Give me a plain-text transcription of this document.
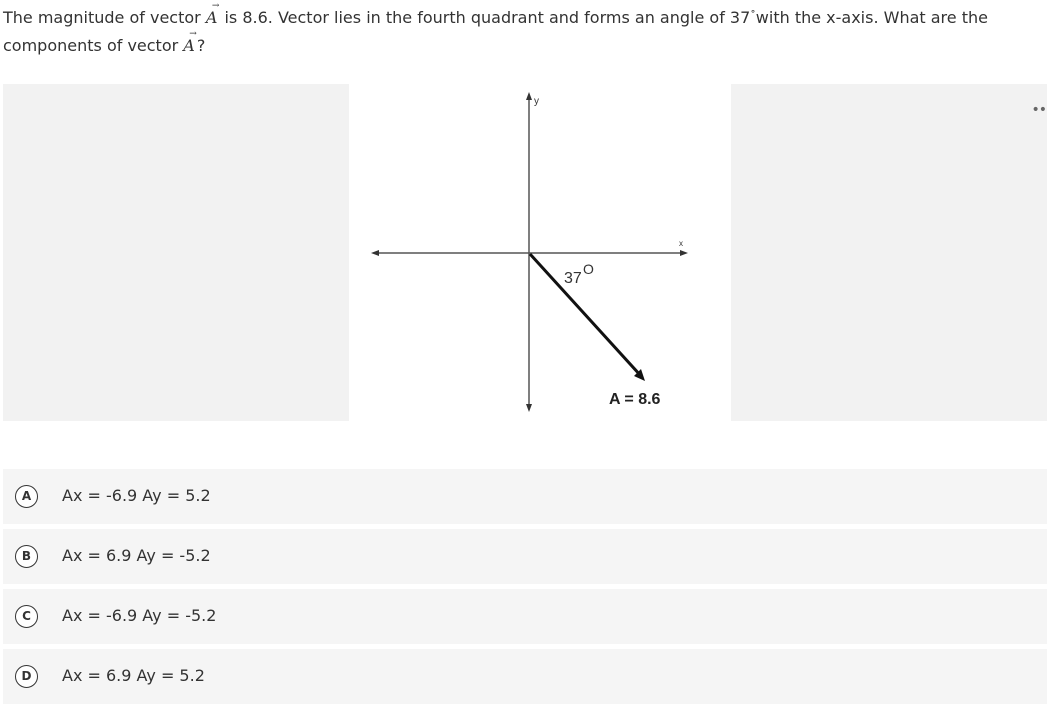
The magnitude of vector A
→
is 8.6. Vector lies in the fourth quadrant and forms an angle of 37˚with the x-axis. What are the components of vector A
→
?
y
x
37
O
A = 8.6
••
A	Ax = -6.9 Ay = 5.2
B	Ax = 6.9 Ay = -5.2
C	Ax = -6.9 Ay = -5.2
D	Ax = 6.9 Ay = 5.2
